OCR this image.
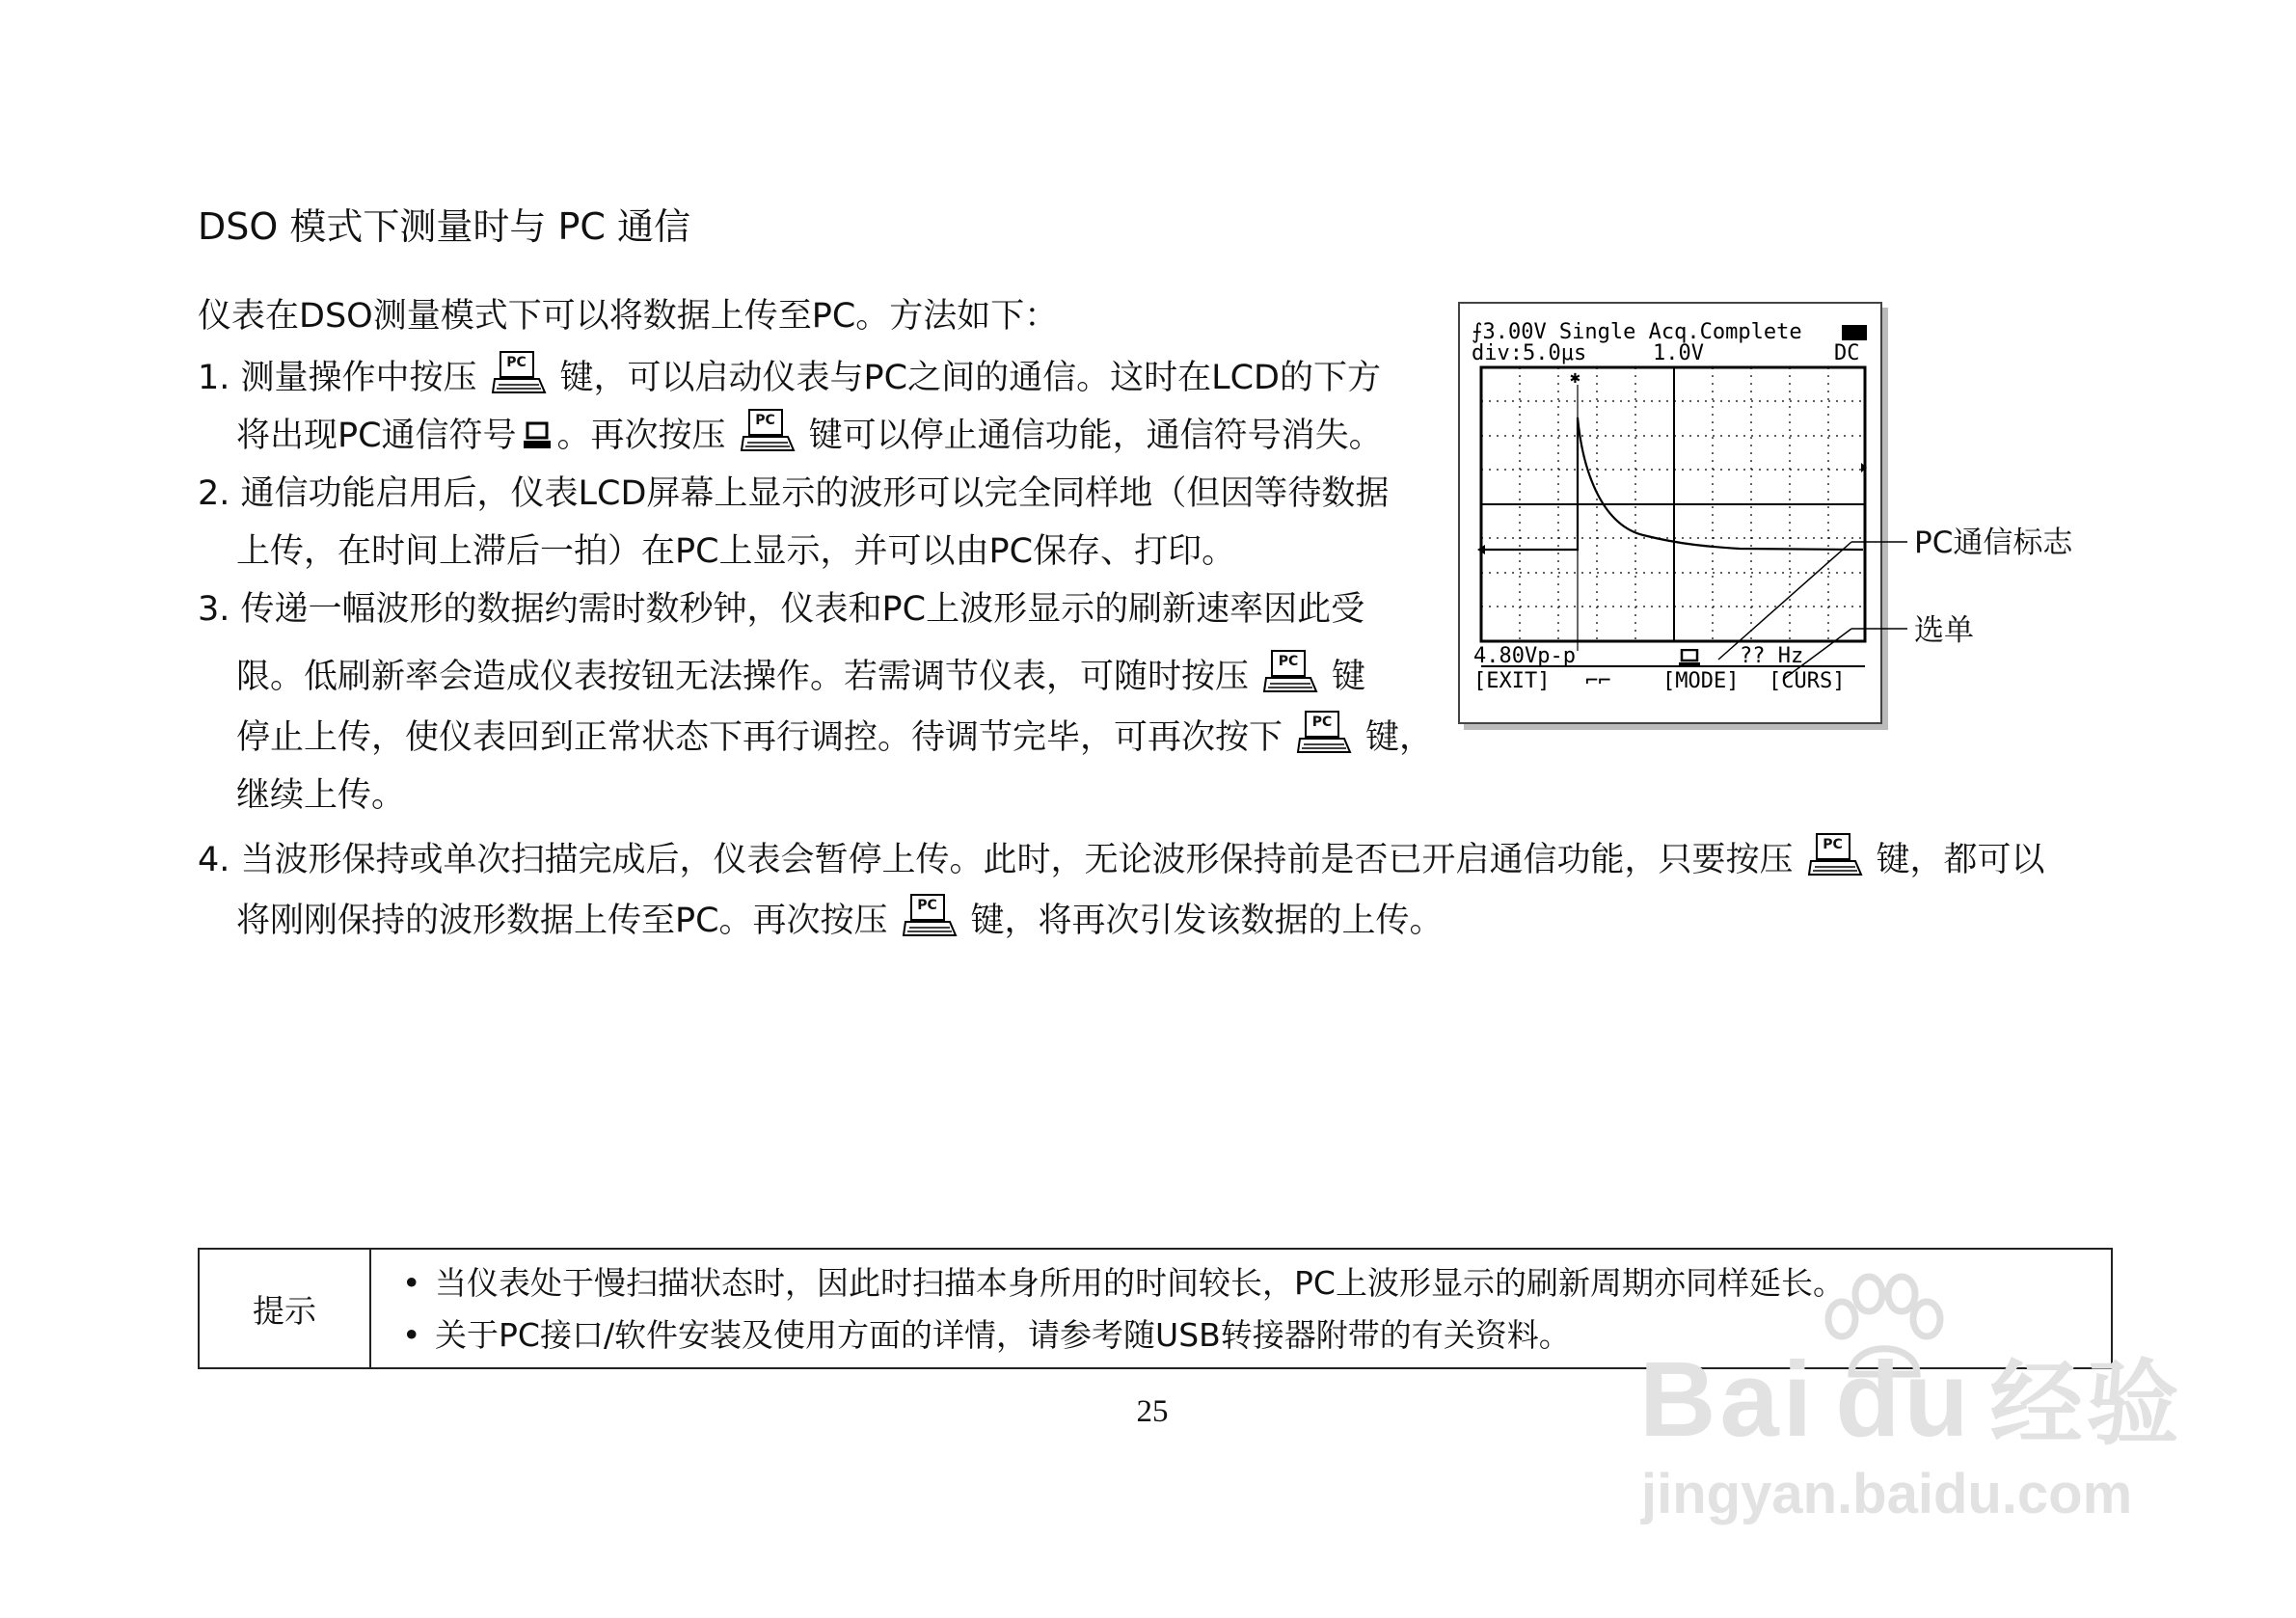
DSO 模式下测量时与 PC 通信
仪表在DSO测量模式下可以将数据上传至PC。方法如下：
1. 测量操作中按压	PC 键，可以启动仪表与PC之间的通信。这时在LCD的下方
将出现PC通信符号 。再次按压	PC 键可以停止通信功能，通信符号消失。
2. 通信功能启用后，仪表LCD屏幕上显示的波形可以完全同样地（但因等待数据
上传，在时间上滞后一拍）在PC上显示，并可以由PC保存、打印。
3. 传递一幅波形的数据约需时数秒钟，仪表和PC上波形显示的刷新速率因此受
限。低刷新率会造成仪表按钮无法操作。若需调节仪表，可随时按压	PC 键
停止上传，使仪表回到正常状态下再行调控。待调节完毕，可再次按下	PC 键，
继续上传。
4. 当波形保持或单次扫描完成后，仪表会暂停上传。此时，无论波形保持前是否已开启通信功能，只要按压	PC 键，都可以
将刚刚保持的波形数据上传至PC。再次按压	PC 键，将再次引发该数据的上传。
⨍3.00V Single Acq.Complete
div:5.0μs	1.0V	DC
✱
4.80Vp-p	?? Hz
[EXIT] ⌐⌐ [MODE] [CURS]
PC通信标志
选单
提示
• 当仪表处于慢扫描状态时，因此时扫描本身所用的时间较长，PC上波形显示的刷新周期亦同样延长。
• 关于PC接口/软件安装及使用方面的详情，请参考随USB转接器附带的有关资料。
25	Bai du 经验
jingyan.baidu.com
